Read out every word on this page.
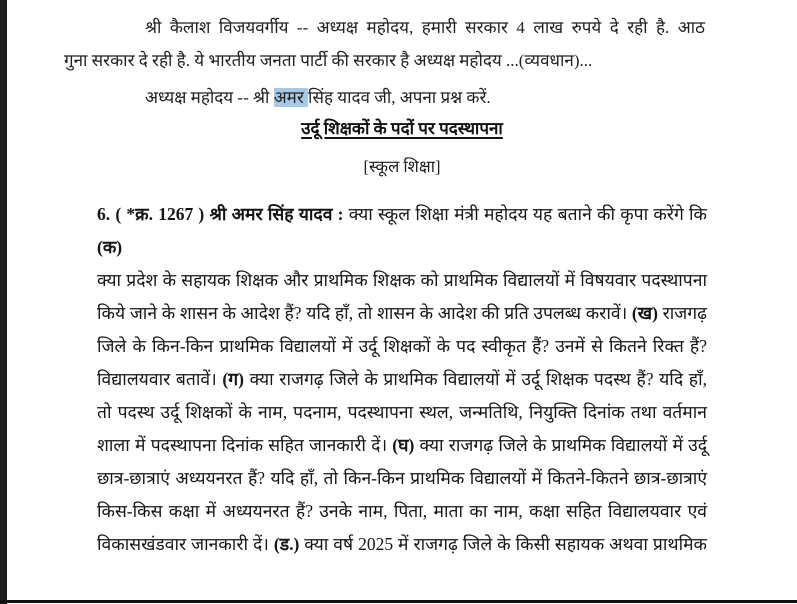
श्री कैलाश विजयवर्गीय -- अध्यक्ष महोदय, हमारी सरकार 4 लाख रुपये दे रही है. आठ
गुना सरकार दे रही है. ये भारतीय जनता पार्टी की सरकार है अध्यक्ष महोदय ...(व्यवधान)...
अध्यक्ष महोदय -- श्री अमर सिंह यादव जी, अपना प्रश्न करें.
उर्दू शिक्षकों के पदों पर पदस्थापना
[स्कूल शिक्षा]
6. ( *क्र. 1267 ) श्री अमर सिंह यादव : क्या स्कूल शिक्षा मंत्री महोदय यह बताने की कृपा करेंगे कि (क)
क्या प्रदेश के सहायक शिक्षक और प्राथमिक शिक्षक को प्राथमिक विद्यालयों में विषयवार पदस्थापना
किये जाने के शासन के आदेश हैं? यदि हाँ, तो शासन के आदेश की प्रति उपलब्ध करावें। (ख) राजगढ़
जिले के किन-किन प्राथमिक विद्यालयों में उर्दू शिक्षकों के पद स्वीकृत हैं? उनमें से कितने रिक्त हैं?
विद्यालयवार बतावें। (ग) क्या राजगढ़ जिले के प्राथमिक विद्यालयों में उर्दू शिक्षक पदस्थ हैं? यदि हाँ,
तो पदस्थ उर्दू शिक्षकों के नाम, पदनाम, पदस्थापना स्थल, जन्मतिथि, नियुक्ति दिनांक तथा वर्तमान
शाला में पदस्थापना दिनांक सहित जानकारी दें। (घ) क्या राजगढ़ जिले के प्राथमिक विद्यालयों में उर्दू
छात्र-छात्राएं अध्ययनरत हैं? यदि हाँ, तो किन-किन प्राथमिक विद्यालयों में कितने-कितने छात्र-छात्राएं
किस-किस कक्षा में अध्ययनरत हैं? उनके नाम, पिता, माता का नाम, कक्षा सहित विद्यालयवार एवं
विकासखंडवार जानकारी दें। (ड.) क्या वर्ष 2025 में राजगढ़ जिले के किसी सहायक अथवा प्राथमिक
